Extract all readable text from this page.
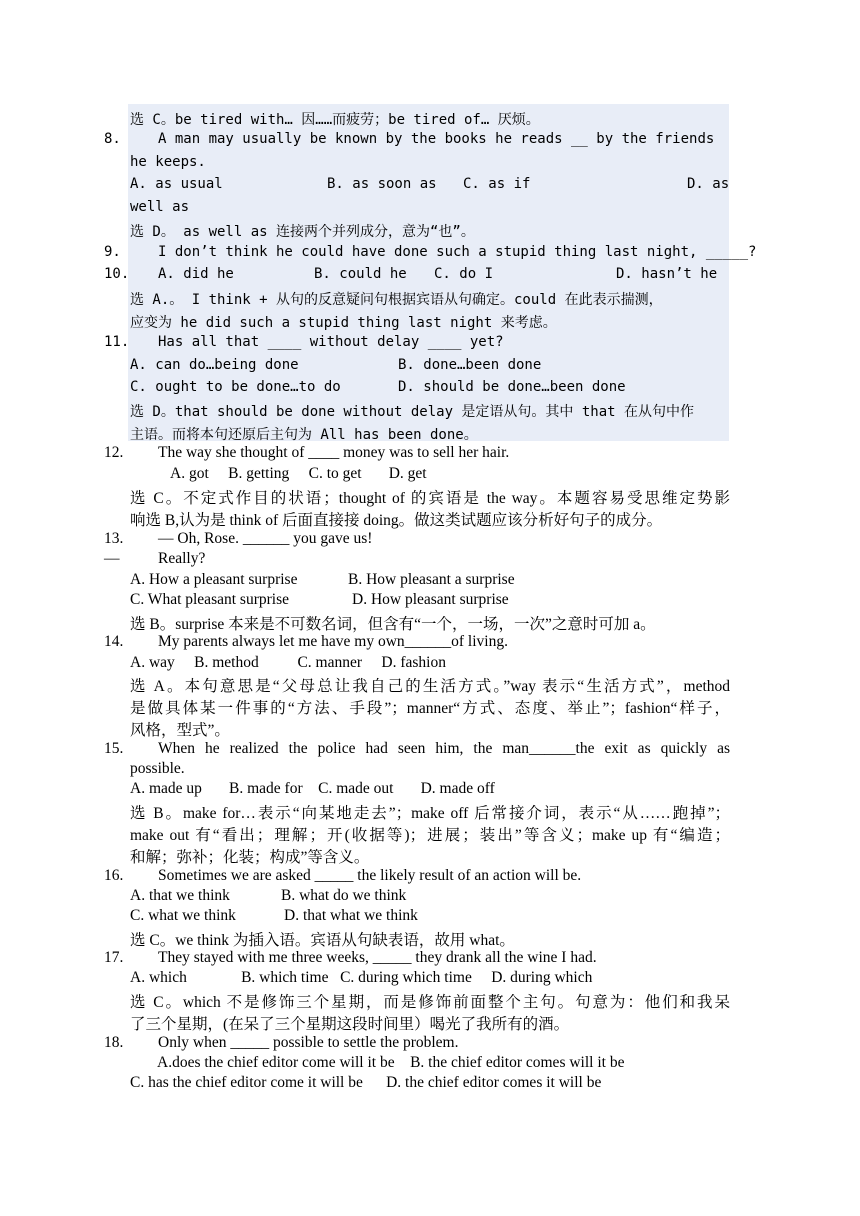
选 C。be tired with… 因……而疲劳；be tired of… 厌烦。
8.	A man may usually be known by the books he reads __ by the friends
he keeps.
A. as usual	B. as soon as C. as if	D. as
well as
选 D。 as well as 连接两个并列成分，意为“也”。
9.	I don’t think he could have done such a stupid thing last night, _____?
10. A. did he	B. could he C. do I	D. hasn’t he
选 A.。 I think + 从句的反意疑问句根据宾语从句确定。could 在此表示揣测，
应变为 he did such a stupid thing last night 来考虑。
11. Has all that ____ without delay ____ yet?
A. can do…being done	B. done…been done
C. ought to be done…to do	D. should be done…been done
选 D。that should be done without delay 是定语从句。其中 that 在从句中作
主语。而将本句还原后主句为 All has been done。
12. The way she thought of ____ money was to sell her hair.
A. got     B. getting     C. to get       D. get
选 C。不定式作目的状语；thought of 的宾语是 the way。本题容易受思维定势影
响选 B,认为是 think of 后面直接接 doing。做这类试题应该分析好句子的成分。
13. — Oh, Rose. ______ you gave us!
— Really?
A. How a pleasant surprise	B. How pleasant a surprise
C. What pleasant surprise	D. How pleasant surprise
选 B。surprise 本来是不可数名词，但含有“一个，一场，一次”之意时可加 a。
14. My parents always let me have my own______of living.
A. way     B. method          C. manner     D. fashion
选 A。本句意思是“父母总让我自己的生活方式。”way 表示“生活方式”，method
是做具体某一件事的“方法、手段”；manner“方式、态度、举止”；fashion“样子，
风格，型式”。
15. When he realized the police had seen him, the man______the exit as quickly as
possible.
A. made up       B. made for    C. made out       D. made off
选 B。make for…表示“向某地走去”；make off 后常接介词，表示“从……跑掉”；
make out 有“看出；理解；开(收据等)；进展；装出”等含义；make up 有“编造；
和解；弥补；化装；构成”等含义。
16. Sometimes we are asked _____ the likely result of an action will be.
A. that we think	B. what do we think
C. what we think	D. that what we think
选 C。we think 为插入语。宾语从句缺表语，故用 what。
17. They stayed with me three weeks, _____ they drank all the wine I had.
A. which              B. which time   C. during which time     D. during which
选 C。which 不是修饰三个星期，而是修饰前面整个主句。句意为：他们和我呆
了三个星期，(在呆了三个星期这段时间里）喝光了我所有的酒。
18. Only when _____ possible to settle the problem.
A.does the chief editor come will it be    B. the chief editor comes will it be
C. has the chief editor come it will be      D. the chief editor comes it will be
